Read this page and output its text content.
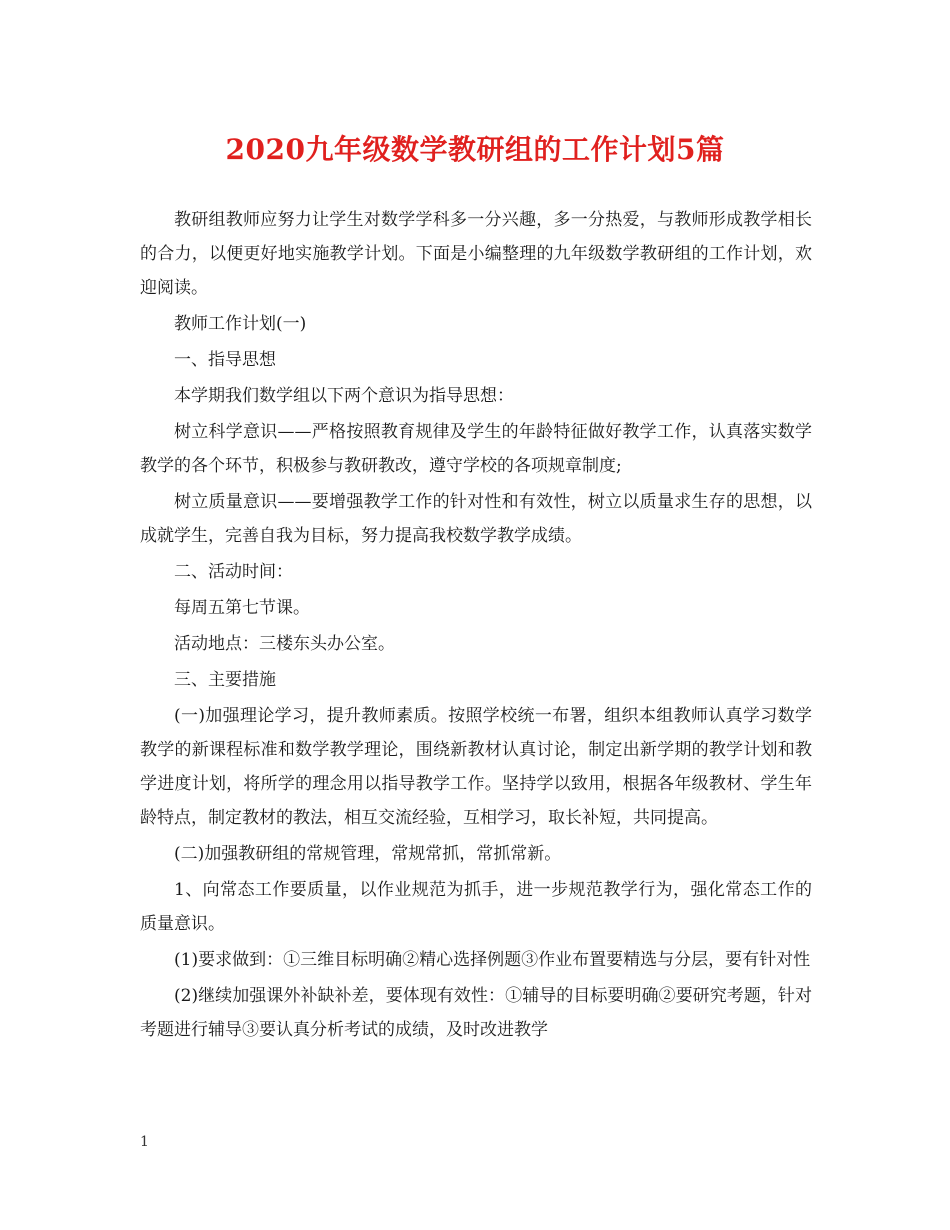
2020九年级数学教研组的工作计划5篇

教研组教师应努力让学生对数学学科多一分兴趣，多一分热爱，与教师形成教学相长的合力，以便更好地实施教学计划。下面是小编整理的九年级数学教研组的工作计划，欢迎阅读。

教师工作计划(一)

一、指导思想

本学期我们数学组以下两个意识为指导思想：

树立科学意识——严格按照教育规律及学生的年龄特征做好教学工作，认真落实数学教学的各个环节，积极参与教研教改，遵守学校的各项规章制度;

树立质量意识——要增强教学工作的针对性和有效性，树立以质量求生存的思想，以成就学生，完善自我为目标，努力提高我校数学教学成绩。

二、活动时间：

每周五第七节课。

活动地点：三楼东头办公室。

三、主要措施

(一)加强理论学习，提升教师素质。按照学校统一布署，组织本组教师认真学习数学教学的新课程标准和数学教学理论，围绕新教材认真讨论，制定出新学期的教学计划和教学进度计划，将所学的理念用以指导教学工作。坚持学以致用，根据各年级教材、学生年龄特点，制定教材的教法，相互交流经验，互相学习，取长补短，共同提高。

(二)加强教研组的常规管理，常规常抓，常抓常新。

1、向常态工作要质量，以作业规范为抓手，进一步规范教学行为，强化常态工作的质量意识。

(1)要求做到：①三维目标明确②精心选择例题③作业布置要精选与分层，要有针对性

(2)继续加强课外补缺补差，要体现有效性：①辅导的目标要明确②要研究考题，针对考题进行辅导③要认真分析考试的成绩，及时改进教学

1
